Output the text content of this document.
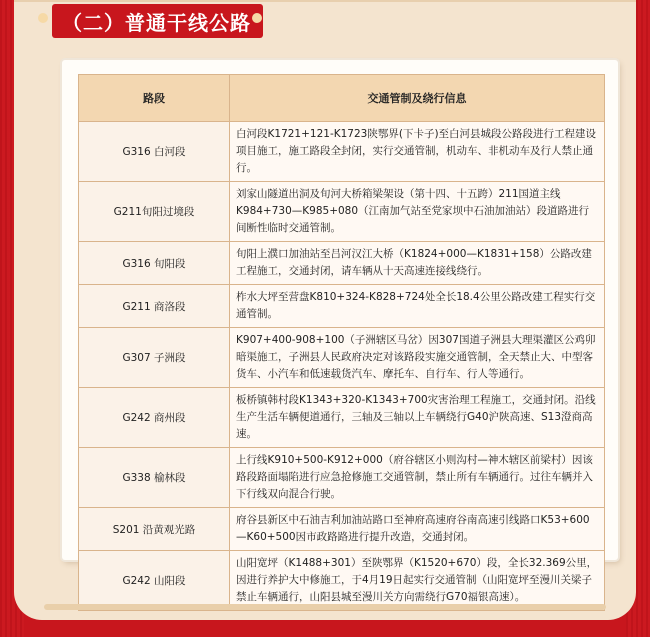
（二）普通干线公路
路段	交通管制及绕行信息
G316 白河段	白河段K1721+121-K1723陕鄂界(下卡子)至白河县城段公路段进行工程建设项目施工，施工路段全封闭，实行交通管制，机动车、非机动车及行人禁止通行。
G211旬阳过境段	刘家山隧道出洞及旬河大桥箱梁架设（第十四、十五跨）211国道主线K984+730—K985+080（江南加气站至党家坝中石油加油站）段道路进行间断性临时交通管制。
G316 旬阳段	旬阳上濮口加油站至吕河汉江大桥（K1824+000—K1831+158）公路改建工程施工，交通封闭，请车辆从十天高速连接线绕行。
G211 商洛段	柞水大坪至营盘K810+324-K828+724处全长18.4公里公路改建工程实行交通管制。
G307 子洲段	K907+400-908+100（子洲辖区马岔）因307国道子洲县大理渠灌区公鸡卯暗渠施工，子洲县人民政府决定对该路段实施交通管制，全天禁止大、中型客货车、小汽车和低速载货汽车、摩托车、自行车、行人等通行。
G242 商州段	板桥镇韩村段K1343+320-K1343+700灾害治理工程施工，交通封闭。沿线生产生活车辆便道通行，三轴及三轴以上车辆绕行G40沪陕高速、S13澄商高速。
G338 榆林段	上行线K910+500-K912+000（府谷辖区小则沟村—神木辖区前梁村）因该路段路面塌陷进行应急抢修施工交通管制，禁止所有车辆通行。过往车辆并入下行线双向混合行驶。
S201 沿黄观光路	府谷县新区中石油吉利加油站路口至神府高速府谷南高速引线路口K53+600—K60+500因市政路路进行提升改造，交通封闭。
G242 山阳段	山阳宽坪（K1488+301）至陕鄂界（K1520+670）段，全长32.369公里，因进行养护大中修施工，于4月19日起实行交通管制（山阳宽坪至漫川关梁子禁止车辆通行，山阳县城至漫川关方向需绕行G70福银高速）。
